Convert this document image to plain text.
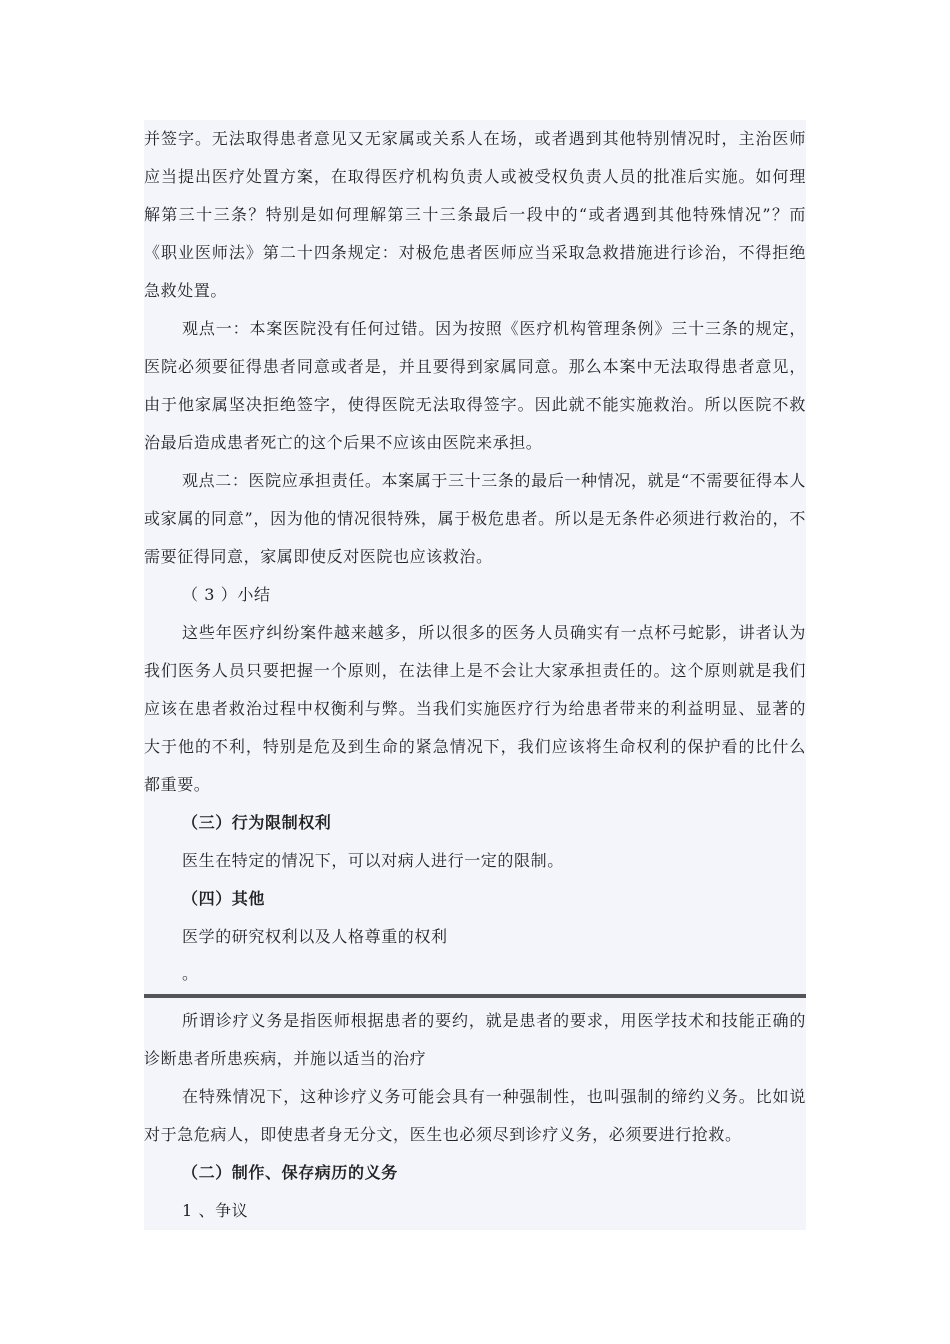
并签字。无法取得患者意见又无家属或关系人在场，或者遇到其他特别情况时，主治医师应当提出医疗处置方案，在取得医疗机构负责人或被受权负责人员的批准后实施。如何理解第三十三条？特别是如何理解第三十三条最后一段中的“或者遇到其他特殊情况”？而《职业医师法》第二十四条规定：对极危患者医师应当采取急救措施进行诊治，不得拒绝急救处置。

观点一：本案医院没有任何过错。因为按照《医疗机构管理条例》三十三条的规定，医院必须要征得患者同意或者是，并且要得到家属同意。那么本案中无法取得患者意见，由于他家属坚决拒绝签字，使得医院无法取得签字。因此就不能实施救治。所以医院不救治最后造成患者死亡的这个后果不应该由医院来承担。

观点二：医院应承担责任。本案属于三十三条的最后一种情况，就是“不需要征得本人或家属的同意”，因为他的情况很特殊，属于极危患者。所以是无条件必须进行救治的，不需要征得同意，家属即使反对医院也应该救治。

（ 3 ）小结

这些年医疗纠纷案件越来越多，所以很多的医务人员确实有一点杯弓蛇影，讲者认为我们医务人员只要把握一个原则，在法律上是不会让大家承担责任的。这个原则就是我们应该在患者救治过程中权衡利与弊。当我们实施医疗行为给患者带来的利益明显、显著的大于他的不利，特别是危及到生命的紧急情况下，我们应该将生命权利的保护看的比什么都重要。

（三）行为限制权利

医生在特定的情况下，可以对病人进行一定的限制。

（四）其他

医学的研究权利以及人格尊重的权利

。

所谓诊疗义务是指医师根据患者的要约，就是患者的要求，用医学技术和技能正确的诊断患者所患疾病，并施以适当的治疗

在特殊情况下，这种诊疗义务可能会具有一种强制性，也叫强制的缔约义务。比如说对于急危病人，即使患者身无分文，医生也必须尽到诊疗义务，必须要进行抢救。

（二）制作、保存病历的义务

1 、争议
